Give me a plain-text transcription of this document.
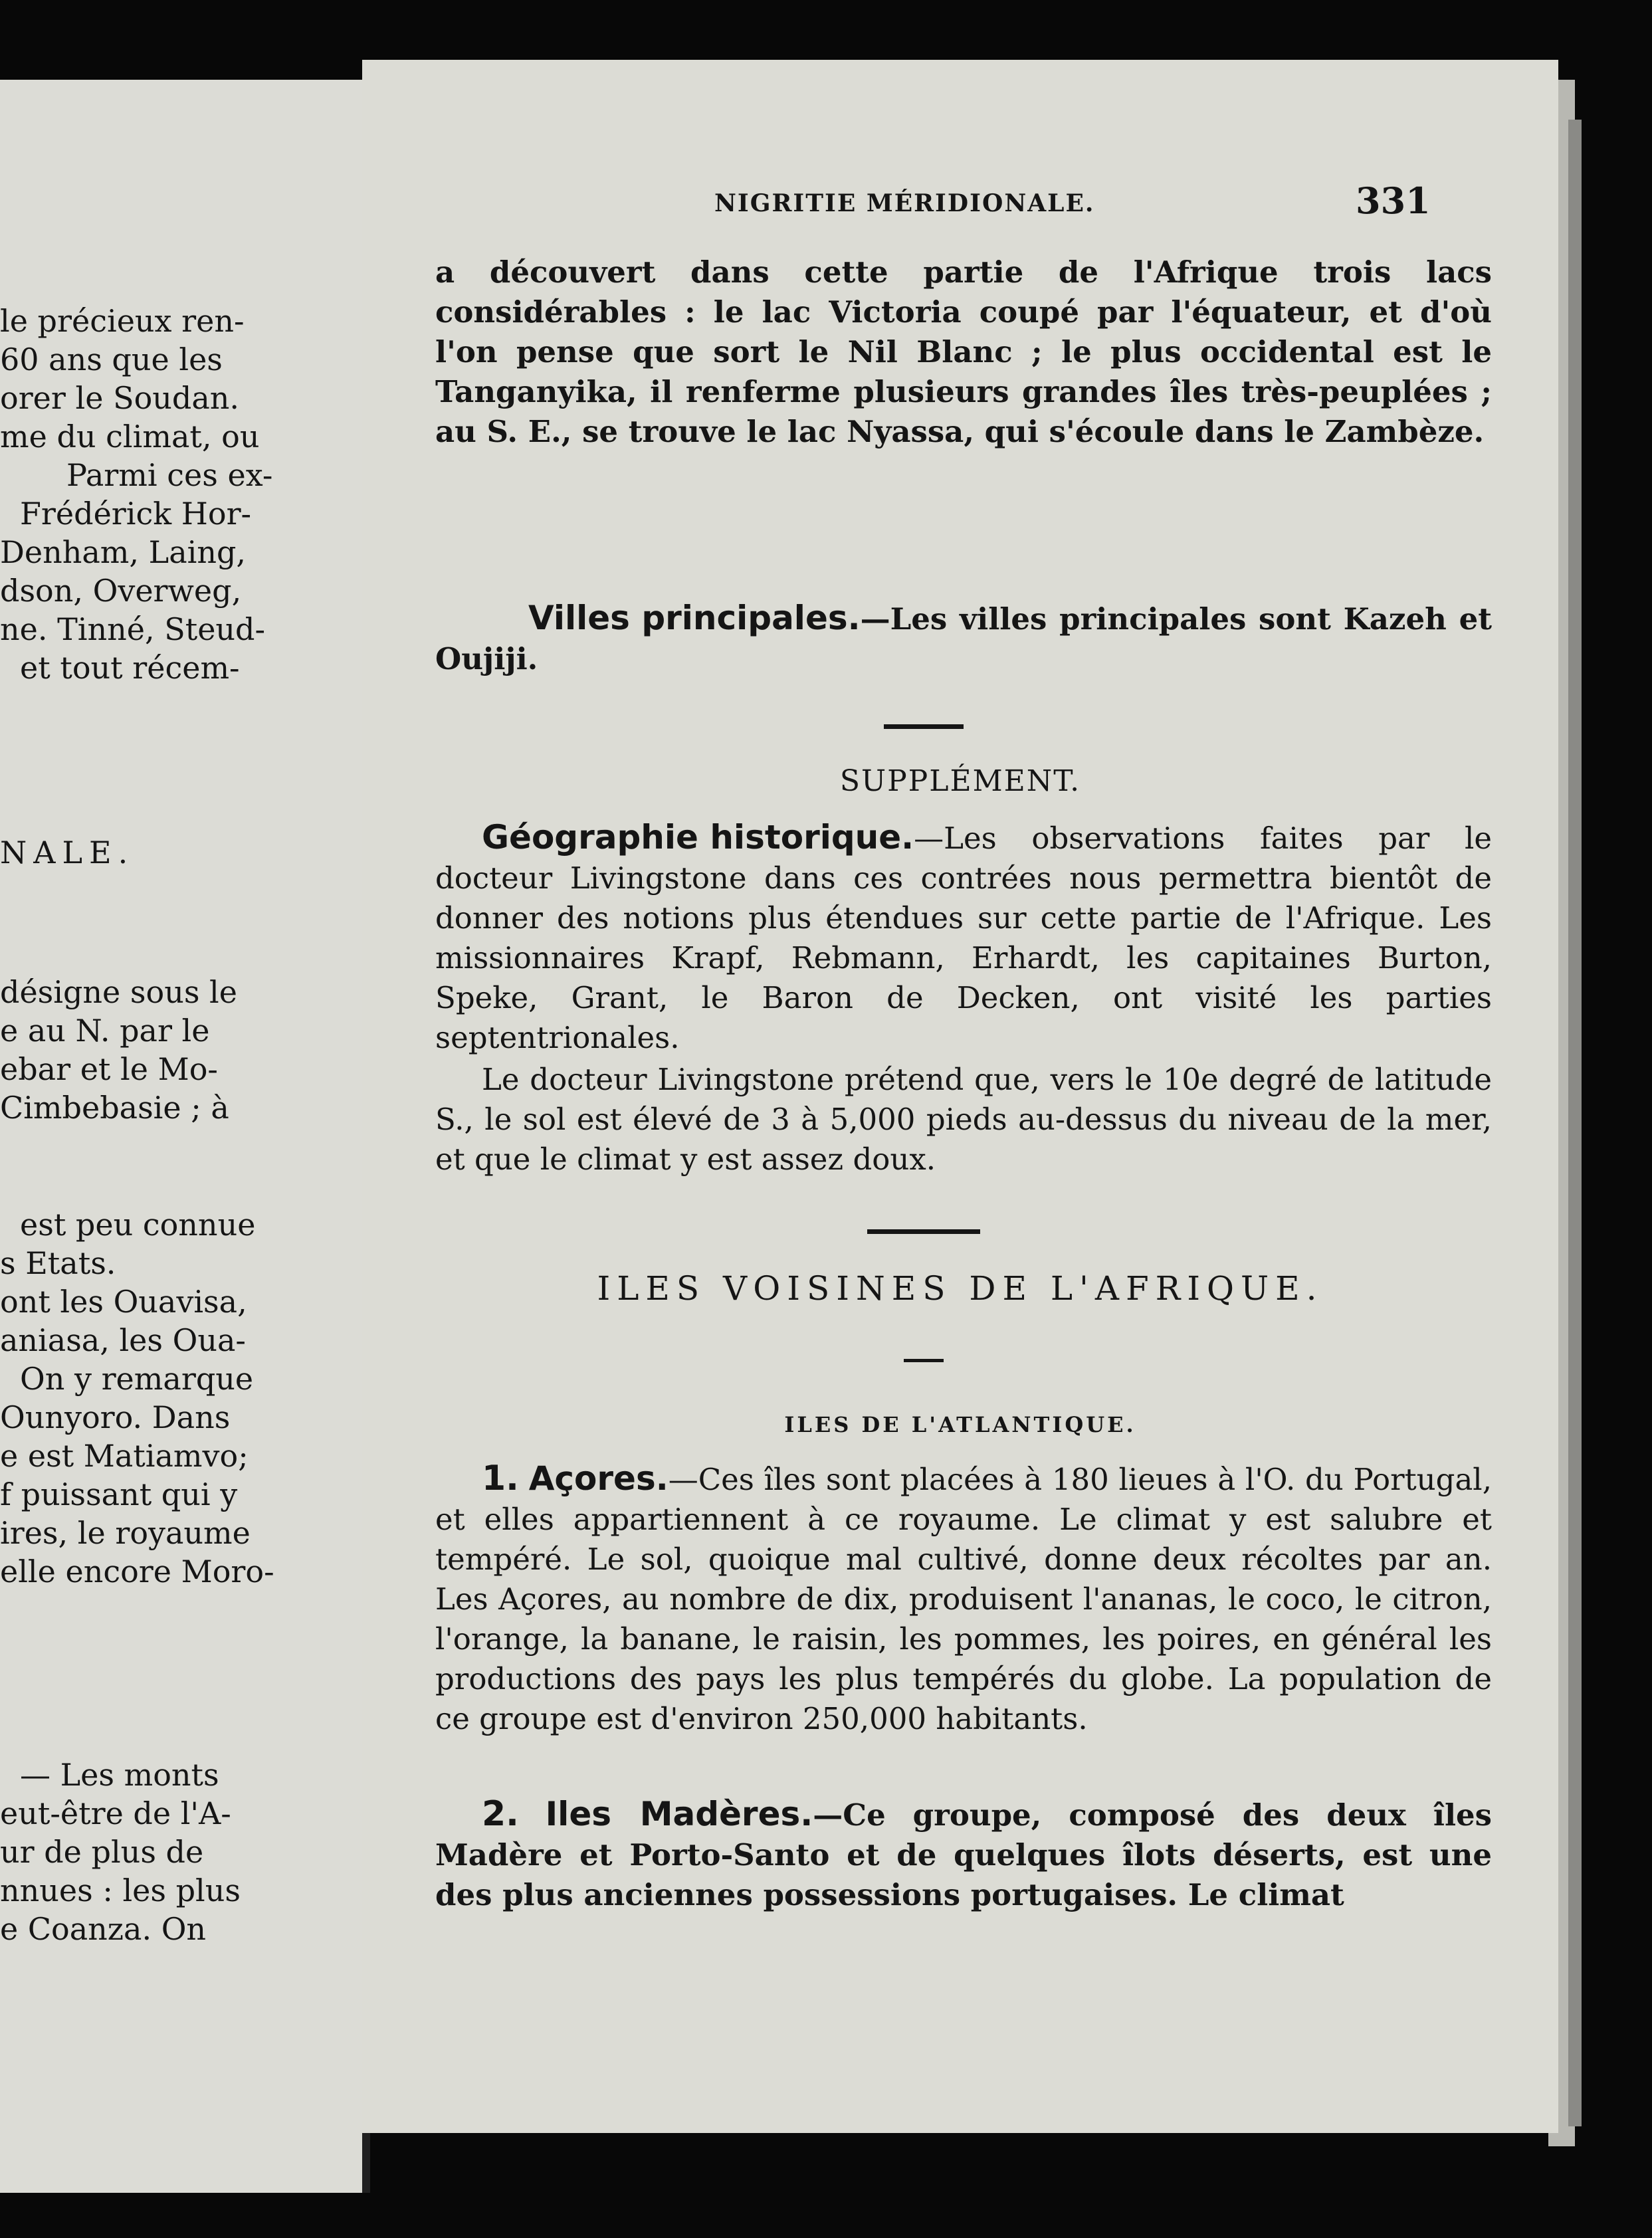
le précieux ren-
60 ans que les
orer le Soudan.
me du climat, ou
Parmi ces ex-
Frédérick Hor-
Denham, Laing,
dson, Overweg,
ne. Tinné, Steud-
et tout récem-
NALE.
désigne sous le
e au N. par le
ebar et le Mo-
Cimbebasie ; à
est peu connue
s Etats.
ont les Ouavisa,
aniasa, les Oua-
On y remarque
Ounyoro. Dans
e est Matiamvo;
f puissant qui y
ires, le royaume
elle encore Moro-
— Les monts
eut-être de l'A-
ur de plus de
nnues : les plus
e Coanza. On
NIGRITIE MÉRIDIONALE.	331
a découvert dans cette partie de l'Afrique trois lacs considérables : le lac Victoria coupé par l'équateur, et d'où l'on pense que sort le Nil Blanc ; le plus occidental est le Tanganyika, il renferme plusieurs grandes îles très-peuplées ; au S. E., se trouve le lac Nyassa, qui s'écoule dans le Zambèze.
Villes principales.—Les villes principales sont Kazeh et Oujiji.
SUPPLÉMENT.
Géographie historique.—Les observations faites par le docteur Livingstone dans ces contrées nous permettra bientôt de donner des notions plus étendues sur cette partie de l'Afrique. Les missionnaires Krapf, Rebmann, Erhardt, les capitaines Burton, Speke, Grant, le Baron de Decken, ont visité les parties septentrionales.
Le docteur Livingstone prétend que, vers le 10e degré de latitude S., le sol est élevé de 3 à 5,000 pieds au-dessus du niveau de la mer, et que le climat y est assez doux.
ILES VOISINES DE L'AFRIQUE.
ILES DE L'ATLANTIQUE.
1. Açores.—Ces îles sont placées à 180 lieues à l'O. du Portugal, et elles appartiennent à ce royaume. Le climat y est salubre et tempéré. Le sol, quoique mal cultivé, donne deux récoltes par an. Les Açores, au nombre de dix, produisent l'ananas, le coco, le citron, l'orange, la banane, le raisin, les pommes, les poires, en général les productions des pays les plus tempérés du globe. La population de ce groupe est d'environ 250,000 habitants.
2. Iles Madères.—Ce groupe, composé des deux îles Madère et Porto-Santo et de quelques îlots déserts, est une des plus anciennes possessions portugaises. Le climat
